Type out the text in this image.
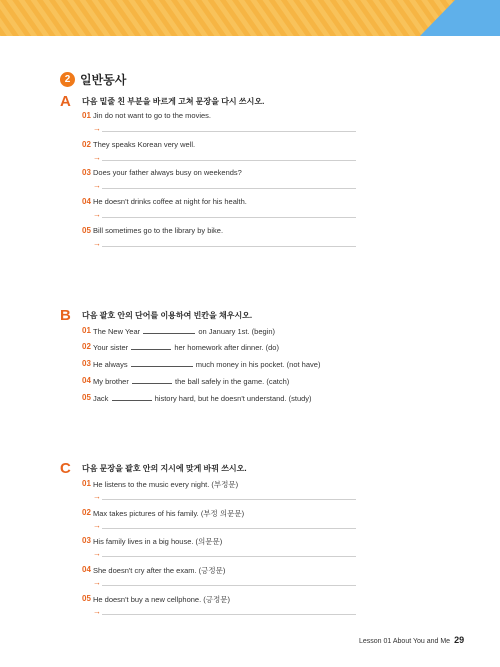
2 일반동사
A 다음 밑줄 친 부분을 바르게 고쳐 문장을 다시 쓰시오.
01 Jin do not want to go to the movies.
→
02 They speaks Korean very well.
→
03 Does your father always busy on weekends?
→
04 He doesn't drinks coffee at night for his health.
→
05 Bill sometimes go to the library by bike.
→
B 다음 괄호 안의 단어를 이용하여 빈칸을 채우시오.
01 The New Year	on January 1st. (begin)
02 Your sister	her homework after dinner. (do)
03 He always	much money in his pocket. (not have)
04 My brother	the ball safely in the game. (catch)
05 Jack	history hard, but he doesn't understand. (study)
C 다음 문장을 괄호 안의 지시에 맞게 바꿔 쓰시오.
01 He listens to the music every night. (부정문)
→
02 Max takes pictures of his family. (부정 의문문)
→
03 His family lives in a big house. (의문문)
→
04 She doesn't cry after the exam. (긍정문)
→
05 He doesn't buy a new cellphone. (긍정문)
→
Lesson 01 About You and Me 29
